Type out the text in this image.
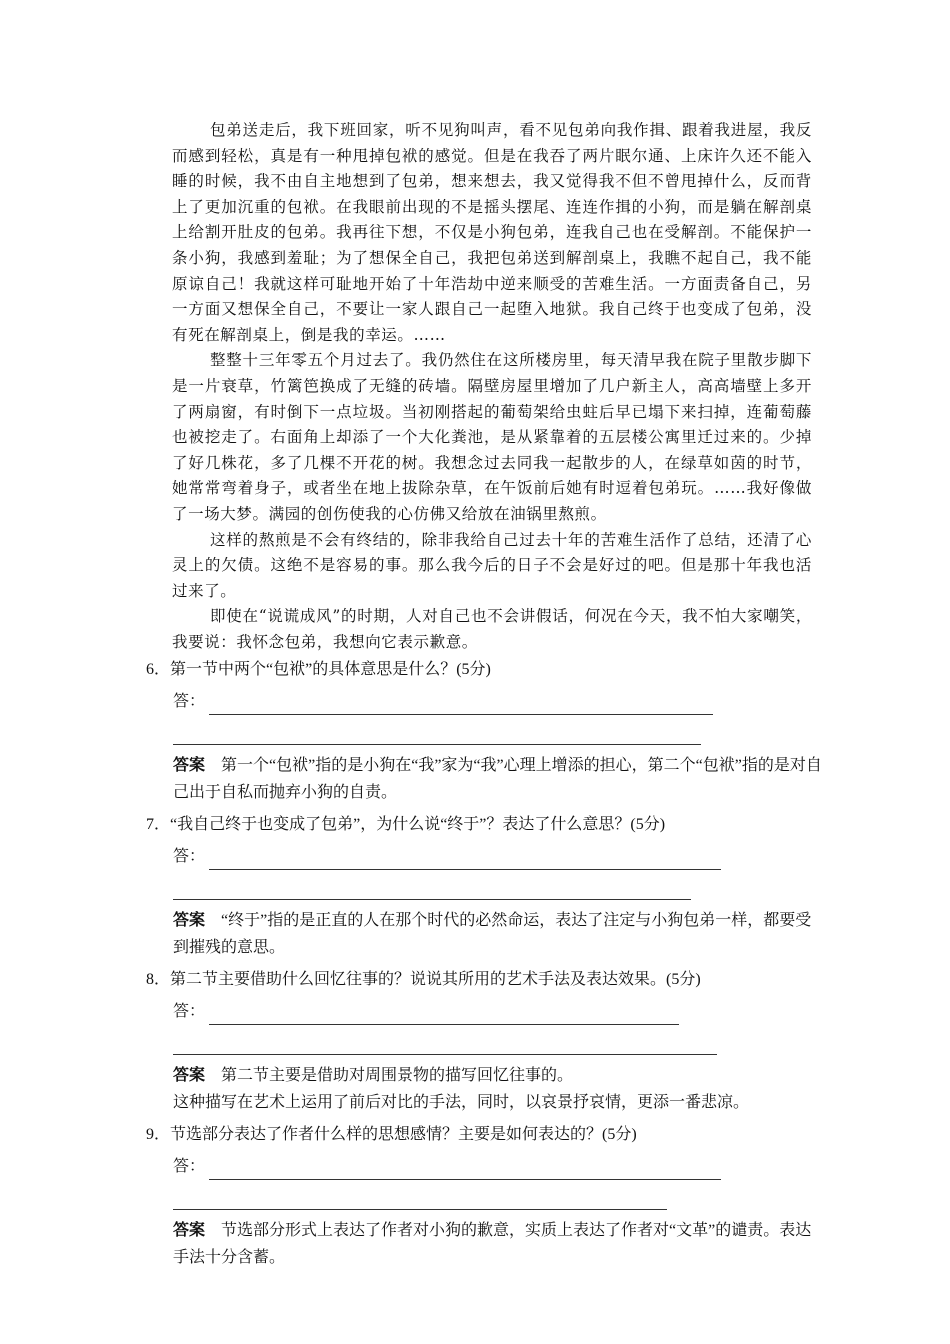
包弟送走后，我下班回家，听不见狗叫声，看不见包弟向我作揖、跟着我进屋，我反而感到轻松，真是有一种甩掉包袱的感觉。但是在我吞了两片眠尔通、上床许久还不能入睡的时候，我不由自主地想到了包弟，想来想去，我又觉得我不但不曾甩掉什么，反而背上了更加沉重的包袱。在我眼前出现的不是摇头摆尾、连连作揖的小狗，而是躺在解剖桌上给割开肚皮的包弟。我再往下想，不仅是小狗包弟，连我自己也在受解剖。不能保护一条小狗，我感到羞耻；为了想保全自己，我把包弟送到解剖桌上，我瞧不起自己，我不能原谅自己！我就这样可耻地开始了十年浩劫中逆来顺受的苦难生活。一方面责备自己，另一方面又想保全自己，不要让一家人跟自己一起堕入地狱。我自己终于也变成了包弟，没有死在解剖桌上，倒是我的幸运。……

整整十三年零五个月过去了。我仍然住在这所楼房里，每天清早我在院子里散步脚下是一片衰草，竹篱笆换成了无缝的砖墙。隔壁房屋里增加了几户新主人，高高墙壁上多开了两扇窗，有时倒下一点垃圾。当初刚搭起的葡萄架给虫蛀后早已塌下来扫掉，连葡萄藤也被挖走了。右面角上却添了一个大化粪池，是从紧靠着的五层楼公寓里迁过来的。少掉了好几株花，多了几棵不开花的树。我想念过去同我一起散步的人，在绿草如茵的时节，她常常弯着身子，或者坐在地上拔除杂草，在午饭前后她有时逗着包弟玩。……我好像做了一场大梦。满园的创伤使我的心仿佛又给放在油锅里熬煎。

这样的熬煎是不会有终结的，除非我给自己过去十年的苦难生活作了总结，还清了心灵上的欠债。这绝不是容易的事。那么我今后的日子不会是好过的吧。但是那十年我也活过来了。

即使在“说谎成风”的时期，人对自己也不会讲假话，何况在今天，我不怕大家嘲笑，我要说：我怀念包弟，我想向它表示歉意。

6．第一节中两个“包袱”的具体意思是什么？(5分)

答：

答案 第一个“包袱”指的是小狗在“我”家为“我”心理上增添的担心，第二个“包袱”指的是对自己出于自私而抛弃小狗的自责。

7．“我自己终于也变成了包弟”，为什么说“终于”？表达了什么意思？(5分)

答：

答案 “终于”指的是正直的人在那个时代的必然命运，表达了注定与小狗包弟一样，都要受到摧残的意思。

8．第二节主要借助什么回忆往事的？说说其所用的艺术手法及表达效果。(5分)

答：

答案 第二节主要是借助对周围景物的描写回忆往事的。

这种描写在艺术上运用了前后对比的手法，同时，以哀景抒哀情，更添一番悲凉。

9．节选部分表达了作者什么样的思想感情？主要是如何表达的？(5分)

答：

答案 节选部分形式上表达了作者对小狗的歉意，实质上表达了作者对“文革”的谴责。表达手法十分含蓄。
